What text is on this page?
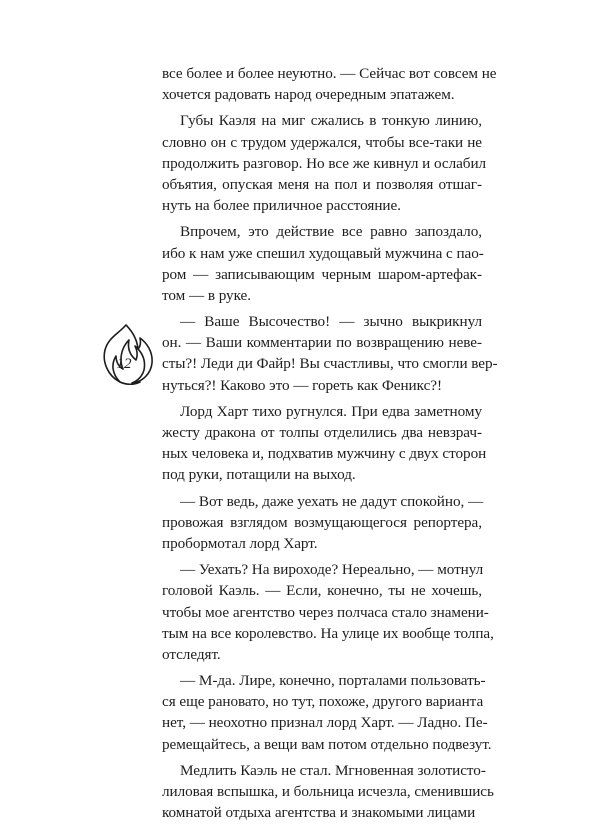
12
все более и более неуютно. — Сейчас вот совсем не
хочется радовать народ очередным эпатажем.
Губы Каэля на миг сжались в тонкую линию,
словно он с трудом удержался, чтобы все-таки не
продолжить разговор. Но все же кивнул и ослабил
объятия, опуская меня на пол и позволяя отшаг-
нуть на более приличное расстояние.
Впрочем, это действие все равно запоздало,
ибо к нам уже спешил худощавый мужчина с пао-
ром — записывающим черным шаром-артефак-
том — в руке.
— Ваше Высочество! — зычно выкрикнул
он. — Ваши комментарии по возвращению неве-
сты?! Леди ди Файр! Вы счастливы, что смогли вер-
нуться?! Каково это — гореть как Феникс?!
Лорд Харт тихо ругнулся. При едва заметному
жесту дракона от толпы отделились два невзрач-
ных человека и, подхватив мужчину с двух сторон
под руки, потащили на выход.
— Вот ведь, даже уехать не дадут спокойно, —
провожая взглядом возмущающегося репортера,
пробормотал лорд Харт.
— Уехать? На вироходе? Нереально, — мотнул
головой Каэль. — Если, конечно, ты не хочешь,
чтобы мое агентство через полчаса стало знамени-
тым на все королевство. На улице их вообще толпа,
отследят.
— М-да. Лире, конечно, порталами пользовать-
ся еще рановато, но тут, похоже, другого варианта
нет, — неохотно признал лорд Харт. — Ладно. Пе-
ремещайтесь, а вещи вам потом отдельно подвезут.
Медлить Каэль не стал. Мгновенная золотисто-
лиловая вспышка, и больница исчезла, сменившись
комнатой отдыха агентства и знакомыми лицами
